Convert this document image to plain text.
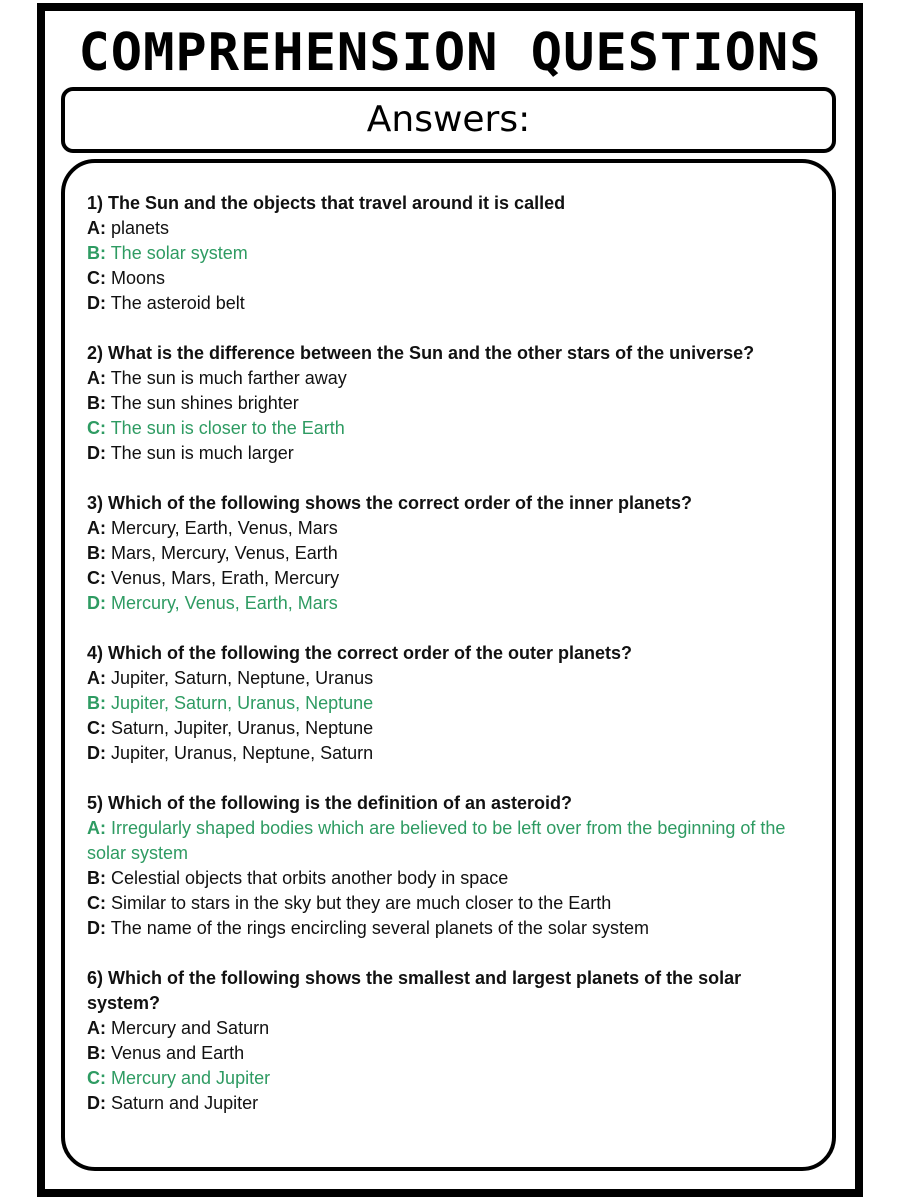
COMPREHENSION QUESTIONS
Answers:
1) The Sun and the objects that travel around it is called
A: planets
B: The solar system
C: Moons
D: The asteroid belt
2) What is the difference between the Sun and the other stars of the universe?
A: The sun is much farther away
B: The sun shines brighter
C: The sun is closer to the Earth
D: The sun is much larger
3) Which of the following shows the correct order of the inner planets?
A: Mercury, Earth, Venus, Mars
B: Mars, Mercury, Venus, Earth
C: Venus, Mars, Erath, Mercury
D: Mercury, Venus, Earth, Mars
4) Which of the following the correct order of the outer planets?
A: Jupiter, Saturn, Neptune, Uranus
B: Jupiter, Saturn, Uranus, Neptune
C: Saturn, Jupiter, Uranus, Neptune
D: Jupiter, Uranus, Neptune, Saturn
5) Which of the following is the definition of an asteroid?
A: Irregularly shaped bodies which are believed to be left over from the beginning of the solar system
B: Celestial objects that orbits another body in space
C: Similar to stars in the sky but they are much closer to the Earth
D: The name of the rings encircling several planets of the solar system
6) Which of the following shows the smallest and largest planets of the solar system?
A: Mercury and Saturn
B: Venus and Earth
C: Mercury and Jupiter
D: Saturn and Jupiter
